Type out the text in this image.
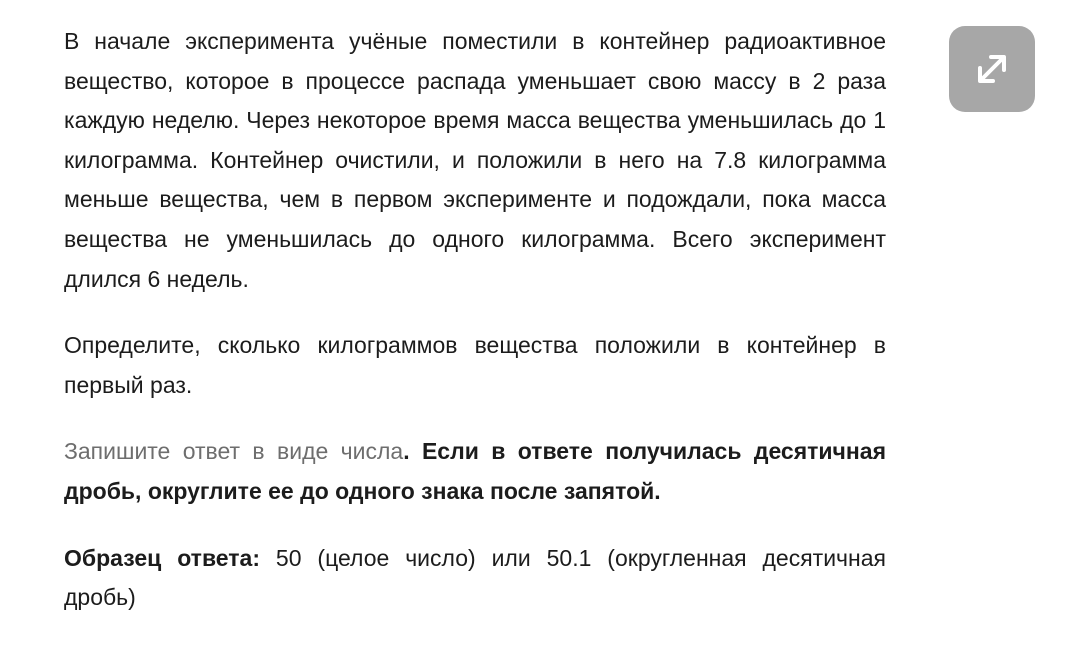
В начале эксперимента учёные поместили в контейнер радиоактивное вещество, которое в процессе распада уменьшает свою массу в 2 раза каждую неделю. Через некоторое время масса вещества уменьшилась до 1 килограмма. Контейнер очистили, и положили в него на 7.8 килограмма меньше вещества, чем в первом эксперименте и подождали, пока масса вещества не уменьшилась до одного килограмма. Всего эксперимент длился 6 недель.

Определите, сколько килограммов вещества положили в контейнер в первый раз.

Запишите ответ в виде числа. Если в ответе получилась десятичная дробь, округлите ее до одного знака после запятой.

Образец ответа: 50 (целое число) или 50.1 (округленная десятичная дробь)
